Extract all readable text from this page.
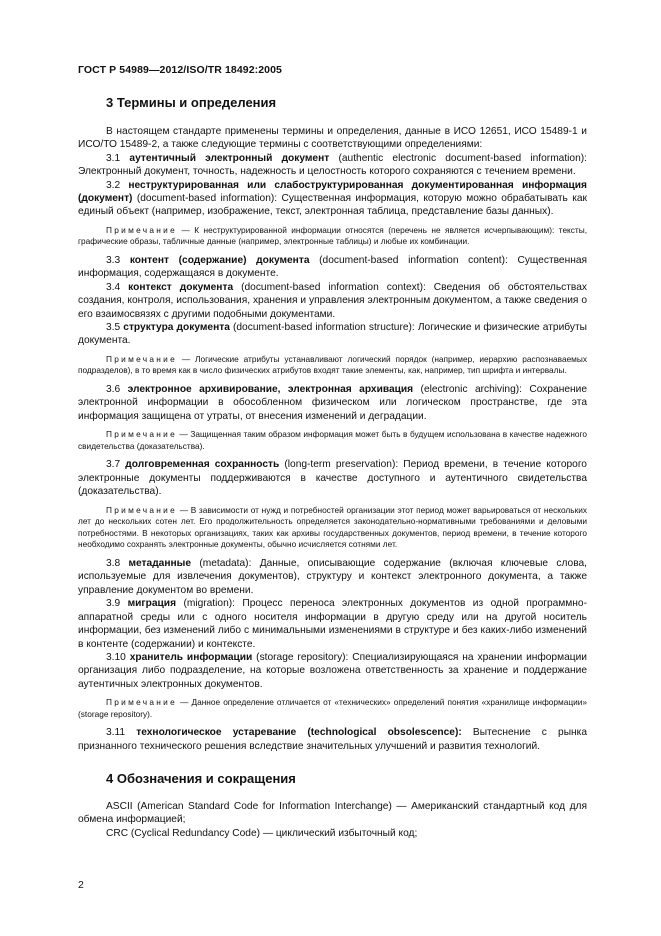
ГОСТ Р 54989—2012/ISO/TR 18492:2005
3 Термины и определения

В настоящем стандарте применены термины и определения, данные в ИСО 12651, ИСО 15489-1 и ИСО/ТО 15489-2, а также следующие термины с соответствующими определениями:

3.1 аутентичный электронный документ (authentic electronic document-based information): Электронный документ, точность, надежность и целостность которого сохраняются с течением времени.

3.2 неструктурированная или слабоструктурированная документированная информация (документ) (document-based information): Существенная информация, которую можно обрабатывать как единый объект (например, изображение, текст, электронная таблица, представление базы данных).

Примечание — К неструктурированной информации относятся (перечень не является исчерпывающим): тексты, графические образы, табличные данные (например, электронные таблицы) и любые их комбинации.

3.3 контент (содержание) документа (document-based information content): Существенная информация, содержащаяся в документе.

3.4 контекст документа (document-based information context): Сведения об обстоятельствах создания, контроля, использования, хранения и управления электронным документом, а также сведения о его взаимосвязях с другими подобными документами.

3.5 структура документа (document-based information structure): Логические и физические атрибуты документа.

Примечание — Логические атрибуты устанавливают логический порядок (например, иерархию распознаваемых подразделов), в то время как в число физических атрибутов входят такие элементы, как, например, тип шрифта и интервалы.

3.6 электронное архивирование, электронная архивация (electronic archiving): Сохранение электронной информации в обособленном физическом или логическом пространстве, где эта информация защищена от утраты, от внесения изменений и деградации.

Примечание — Защищенная таким образом информация может быть в будущем использована в качестве надежного свидетельства (доказательства).

3.7 долговременная сохранность (long-term preservation): Период времени, в течение которого электронные документы поддерживаются в качестве доступного и аутентичного свидетельства (доказательства).

Примечание — В зависимости от нужд и потребностей организации этот период может варьироваться от нескольких лет до нескольких сотен лет. Его продолжительность определяется законодательно-нормативными требованиями и деловыми потребностями. В некоторых организациях, таких как архивы государственных документов, период времени, в течение которого необходимо сохранять электронные документы, обычно исчисляется сотнями лет.

3.8 метаданные (metadata): Данные, описывающие содержание (включая ключевые слова, используемые для извлечения документов), структуру и контекст электронного документа, а также управление документом во времени.

3.9 миграция (migration): Процесс переноса электронных документов из одной программно-аппаратной среды или с одного носителя информации в другую среду или на другой носитель информации, без изменений либо с минимальными изменениями в структуре и без каких-либо изменений в контенте (содержании) и контексте.

3.10 хранитель информации (storage repository): Специализирующаяся на хранении информации организация либо подразделение, на которые возложена ответственность за хранение и поддержание аутентичных электронных документов.

Примечание — Данное определение отличается от «технических» определений понятия «хранилище информации» (storage repository).

3.11 технологическое устаревание (technological obsolescence): Вытеснение с рынка признанного технического решения вследствие значительных улучшений и развития технологий.

4 Обозначения и сокращения

ASCII (American Standard Code for Information Interchange) — Американский стандартный код для обмена информацией;

CRC (Cyclical Redundancy Code) — циклический избыточный код;

2
